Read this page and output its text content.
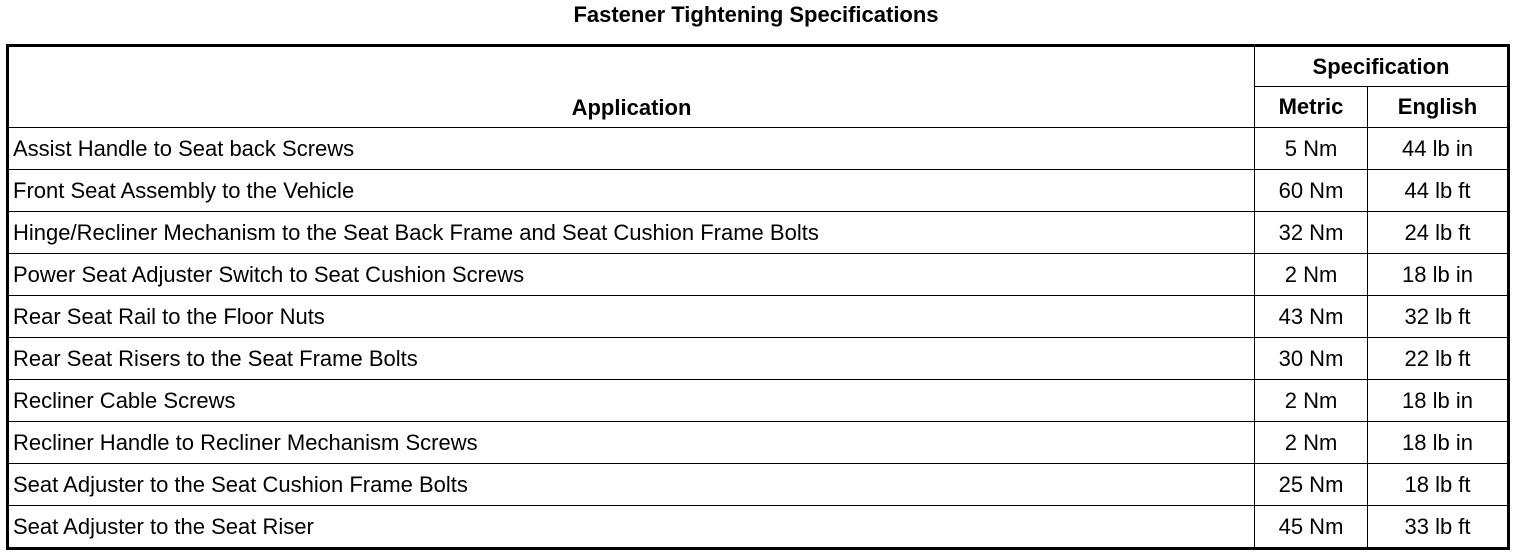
Fastener Tightening Specifications
Application	Specification	
	Metric	English
Assist Handle to Seat back Screws	5 Nm	44 lb in
Front Seat Assembly to the Vehicle	60 Nm	44 lb ft
Hinge/Recliner Mechanism to the Seat Back Frame and Seat Cushion Frame Bolts	32 Nm	24 lb ft
Power Seat Adjuster Switch to Seat Cushion Screws	2 Nm	18 lb in
Rear Seat Rail to the Floor Nuts	43 Nm	32 lb ft
Rear Seat Risers to the Seat Frame Bolts	30 Nm	22 lb ft
Recliner Cable Screws	2 Nm	18 lb in
Recliner Handle to Recliner Mechanism Screws	2 Nm	18 lb in
Seat Adjuster to the Seat Cushion Frame Bolts	25 Nm	18 lb ft
Seat Adjuster to the Seat Riser	45 Nm	33 lb ft
